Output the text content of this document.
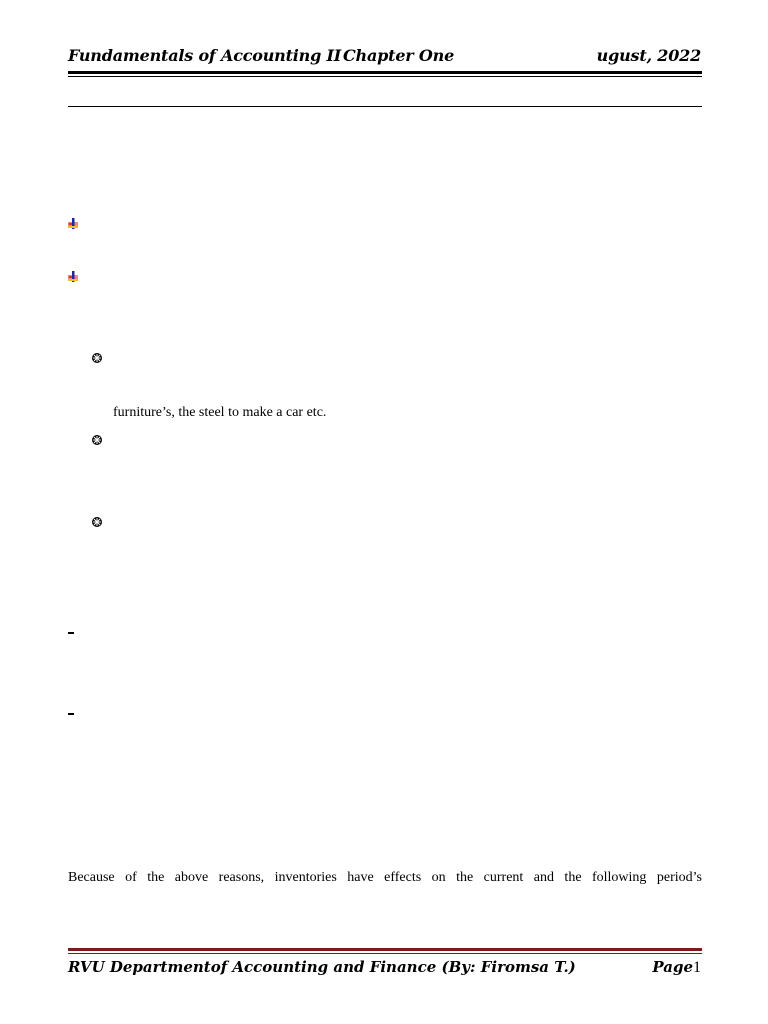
Fundamentals of Accounting II Chapter One	ugust, 2022
furniture’s, the steel to make a car etc.
Because of the above reasons, inventories have effects on the current and the following period’s
RVU Departmentof Accounting and Finance (By: Firomsa T.)	Page1
